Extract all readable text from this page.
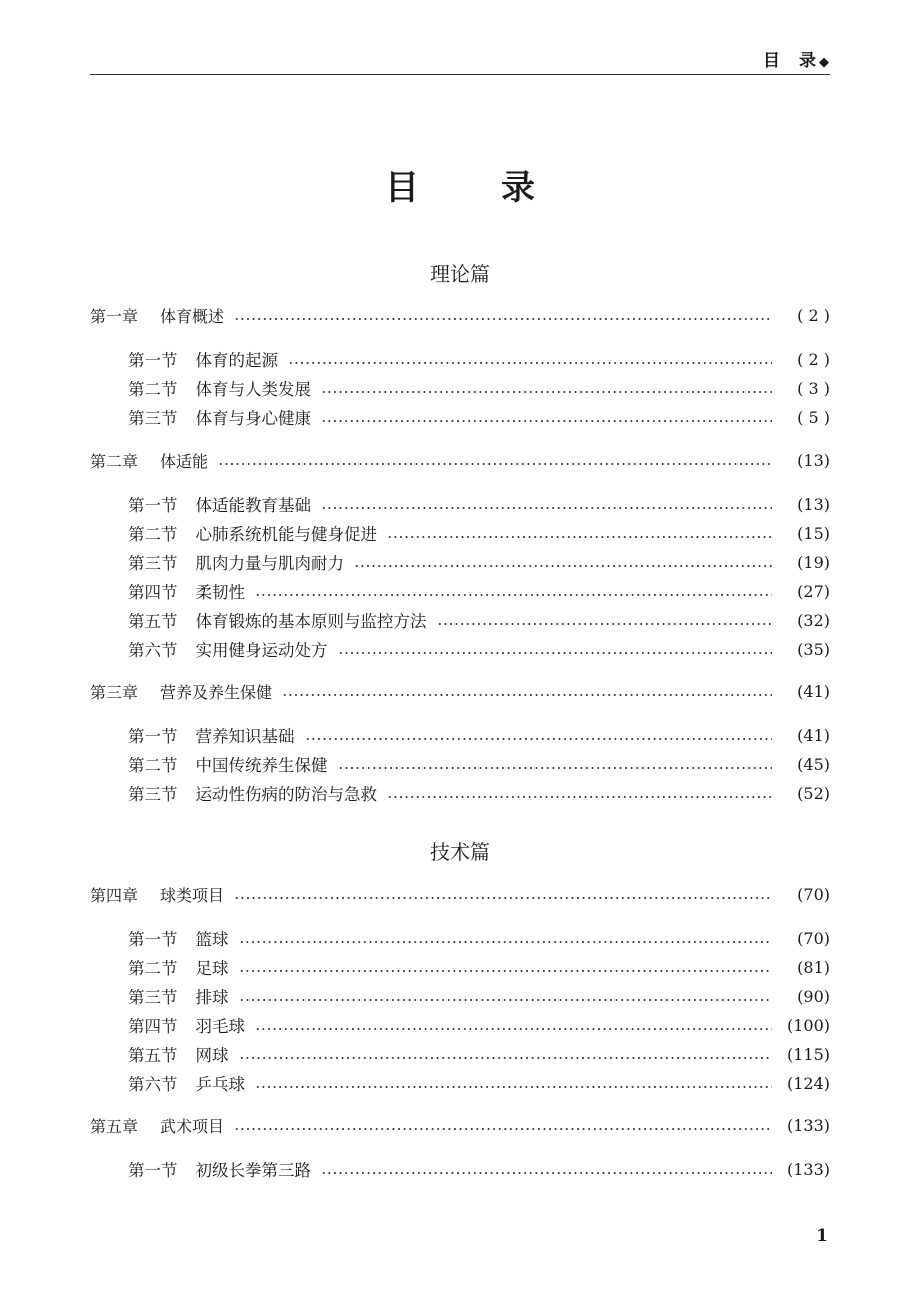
目　录 ◆
目　录
理论篇
第一章 体育概述	( 2 )
第一节 体育的起源	( 2 )
第二节 体育与人类发展	( 3 )
第三节 体育与身心健康	( 5 )
第二章 体适能	(13)
第一节 体适能教育基础	(13)
第二节 心肺系统机能与健身促进	(15)
第三节 肌肉力量与肌肉耐力	(19)
第四节 柔韧性	(27)
第五节 体育锻炼的基本原则与监控方法	(32)
第六节 实用健身运动处方	(35)
第三章 营养及养生保健	(41)
第一节 营养知识基础	(41)
第二节 中国传统养生保健	(45)
第三节 运动性伤病的防治与急救	(52)
技术篇
第四章 球类项目	(70)
第一节 篮球	(70)
第二节 足球	(81)
第三节 排球	(90)
第四节 羽毛球	(100)
第五节 网球	(115)
第六节 乒乓球	(124)
第五章 武术项目	(133)
第一节 初级长拳第三路	(133)
1
